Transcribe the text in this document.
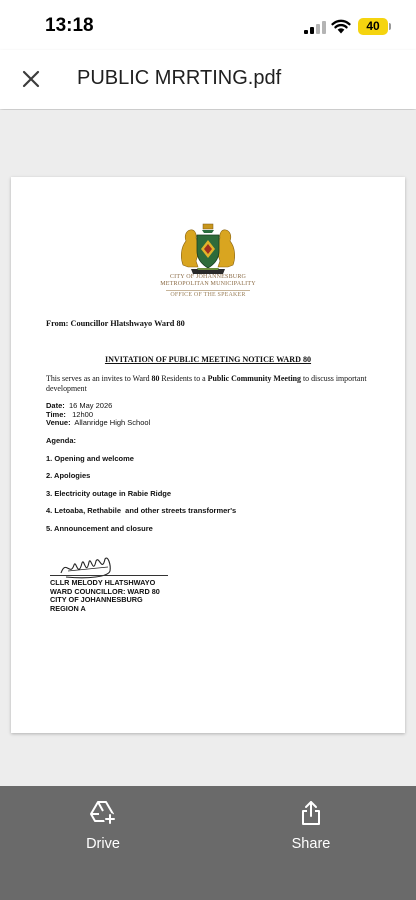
13:18	40
PUBLIC MRRTING.pdf
CITY OF JOHANNESBURG
METROPOLITAN MUNICIPALITY
OFFICE OF THE SPEAKER
From: Councillor Hlatshwayo Ward 80
INVITATION OF PUBLIC MEETING NOTICE WARD 80
This serves as an invites to Ward 80 Residents to a Public Community Meeting to discuss important development
Date: 16 May 2026
Time: 12h00
Venue: Allanridge High School
Agenda:
1. Opening and welcome
2. Apologies
3. Electricity outage in Rabie Ridge
4. Letoaba, Rethabile  and other streets transformer's
5. Announcement and closure
CLLR MELODY HLATSHWAYO
WARD COUNCILLOR: WARD 80
CITY OF JOHANNESBURG
REGION A
Drive	Share
